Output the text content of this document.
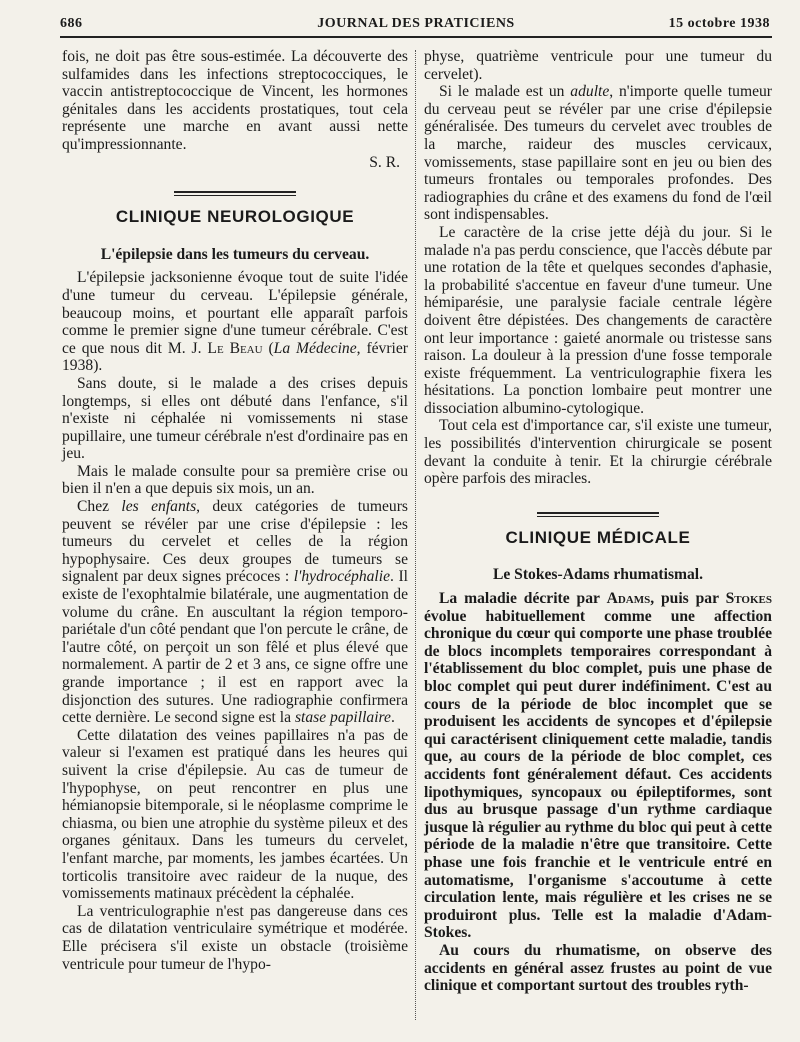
686	JOURNAL DES PRATICIENS	15 octobre 1938

fois, ne doit pas être sous-estimée. La découverte des sulfamides dans les infections streptococciques, le vaccin antistreptococcique de Vincent, les hormones génitales dans les accidents prostatiques, tout cela représente une marche en avant aussi nette qu'impressionnante.

S. R.

CLINIQUE NEUROLOGIQUE
L'épilepsie dans les tumeurs du cerveau.

L'épilepsie jacksonienne évoque tout de suite l'idée d'une tumeur du cerveau. L'épilepsie générale, beaucoup moins, et pourtant elle apparaît parfois comme le premier signe d'une tumeur cérébrale. C'est ce que nous dit M. J. Le Beau (La Médecine, février 1938).

Sans doute, si le malade a des crises depuis longtemps, si elles ont débuté dans l'enfance, s'il n'existe ni céphalée ni vomissements ni stase pupillaire, une tumeur cérébrale n'est d'ordinaire pas en jeu.

Mais le malade consulte pour sa première crise ou bien il n'en a que depuis six mois, un an.

Chez les enfants, deux catégories de tumeurs peuvent se révéler par une crise d'épilepsie : les tumeurs du cervelet et celles de la région hypophysaire. Ces deux groupes de tumeurs se signalent par deux signes précoces : l'hydrocéphalie. Il existe de l'exophtalmie bilatérale, une augmentation de volume du crâne. En auscultant la région temporo-pariétale d'un côté pendant que l'on percute le crâne, de l'autre côté, on perçoit un son fêlé et plus élevé que normalement. A partir de 2 et 3 ans, ce signe offre une grande importance ; il est en rapport avec la disjonction des sutures. Une radiographie confirmera cette dernière. Le second signe est la stase papillaire.

Cette dilatation des veines papillaires n'a pas de valeur si l'examen est pratiqué dans les heures qui suivent la crise d'épilepsie. Au cas de tumeur de l'hypophyse, on peut rencontrer en plus une hémianopsie bitemporale, si le néoplasme comprime le chiasma, ou bien une atrophie du système pileux et des organes génitaux. Dans les tumeurs du cervelet, l'enfant marche, par moments, les jambes écartées. Un torticolis transitoire avec raideur de la nuque, des vomissements matinaux précèdent la céphalée.

La ventriculographie n'est pas dangereuse dans ces cas de dilatation ventriculaire symétrique et modérée. Elle précisera s'il existe un obstacle (troisième ventricule pour tumeur de l'hypo-

physe, quatrième ventricule pour une tumeur du cervelet).

Si le malade est un adulte, n'importe quelle tumeur du cerveau peut se révéler par une crise d'épilepsie généralisée. Des tumeurs du cervelet avec troubles de la marche, raideur des muscles cervicaux, vomissements, stase papillaire sont en jeu ou bien des tumeurs frontales ou temporales profondes. Des radiographies du crâne et des examens du fond de l'œil sont indispensables.

Le caractère de la crise jette déjà du jour. Si le malade n'a pas perdu conscience, que l'accès débute par une rotation de la tête et quelques secondes d'aphasie, la probabilité s'accentue en faveur d'une tumeur. Une hémiparésie, une paralysie faciale centrale légère doivent être dépistées. Des changements de caractère ont leur importance : gaieté anormale ou tristesse sans raison. La douleur à la pression d'une fosse temporale existe fréquemment. La ventriculographie fixera les hésitations. La ponction lombaire peut montrer une dissociation albumino-cytologique.

Tout cela est d'importance car, s'il existe une tumeur, les possibilités d'intervention chirurgicale se posent devant la conduite à tenir. Et la chirurgie cérébrale opère parfois des miracles.

CLINIQUE MÉDICALE
Le Stokes-Adams rhumatismal.

La maladie décrite par Adams, puis par Stokes évolue habituellement comme une affection chronique du cœur qui comporte une phase troublée de blocs incomplets temporaires correspondant à l'établissement du bloc complet, puis une phase de bloc complet qui peut durer indéfiniment. C'est au cours de la période de bloc incomplet que se produisent les accidents de syncopes et d'épilepsie qui caractérisent cliniquement cette maladie, tandis que, au cours de la période de bloc complet, ces accidents font généralement défaut. Ces accidents lipothymiques, syncopaux ou épileptiformes, sont dus au brusque passage d'un rythme cardiaque jusque là régulier au rythme du bloc qui peut à cette période de la maladie n'être que transitoire. Cette phase une fois franchie et le ventricule entré en automatisme, l'organisme s'accoutume à cette circulation lente, mais régulière et les crises ne se produiront plus. Telle est la maladie d'Adam-Stokes.

Au cours du rhumatisme, on observe des accidents en général assez frustes au point de vue clinique et comportant surtout des troubles ryth-
